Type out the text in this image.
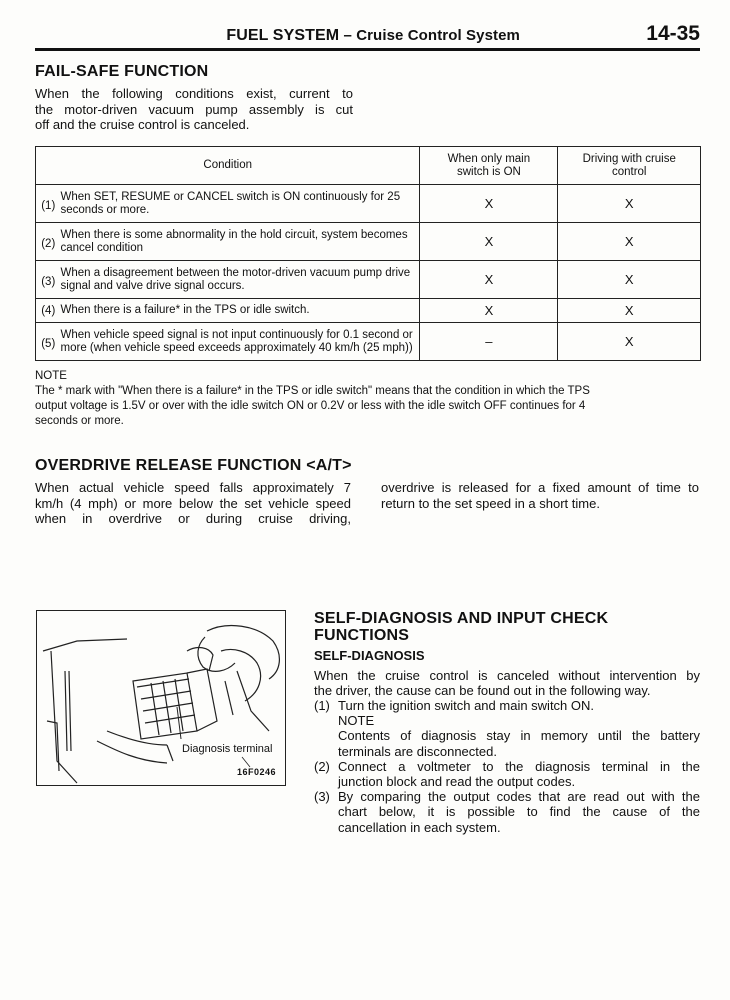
FUEL SYSTEM – Cruise Control System	14-35
FAIL-SAFE FUNCTION
When the following conditions exist, current to
the motor-driven vacuum pump assembly is cut
off and the cruise control is canceled.
Condition		When only main switch is ON	Driving with cruise control
(1)	When SET, RESUME or CANCEL switch is ON continuously for 25
seconds or more.	X	X
(2)	When there is some abnormality in the hold circuit, system becomes
cancel condition	X	X
(3)	When a disagreement between the motor-driven vacuum pump drive
signal and valve drive signal occurs.	X	X
(4)	When there is a failure* in the TPS or idle switch.	X	X
(5)	When vehicle speed signal is not input continuously for 0.1 second or
more (when vehicle speed exceeds approximately 40 km/h (25 mph))	–	X
NOTE
The * mark with "When there is a failure* in the TPS or idle switch" means that the condition in which the TPS
output voltage is 1.5V or over with the idle switch ON or 0.2V or less with the idle switch OFF continues for 4
seconds or more.
OVERDRIVE RELEASE FUNCTION <A/T>
When actual vehicle speed falls approximately 7
km/h (4 mph) or more below the set vehicle speed
when in overdrive or during cruise driving,
overdrive is released for a fixed amount of time to
return to the set speed in a short time.
Diagnosis terminal
16F0246
SELF-DIAGNOSIS AND INPUT CHECK
FUNCTIONS
SELF-DIAGNOSIS
When the cruise control is canceled without intervention by
the driver, the cause can be found out in the following way.
(1) Turn the ignition switch and main switch ON.
NOTE
Contents of diagnosis stay in memory until the battery
terminals are disconnected.
(2) Connect a voltmeter to the diagnosis terminal in the
junction block and read the output codes.
(3) By comparing the output codes that are read out with the
chart below, it is possible to find the cause of the
cancellation in each system.
